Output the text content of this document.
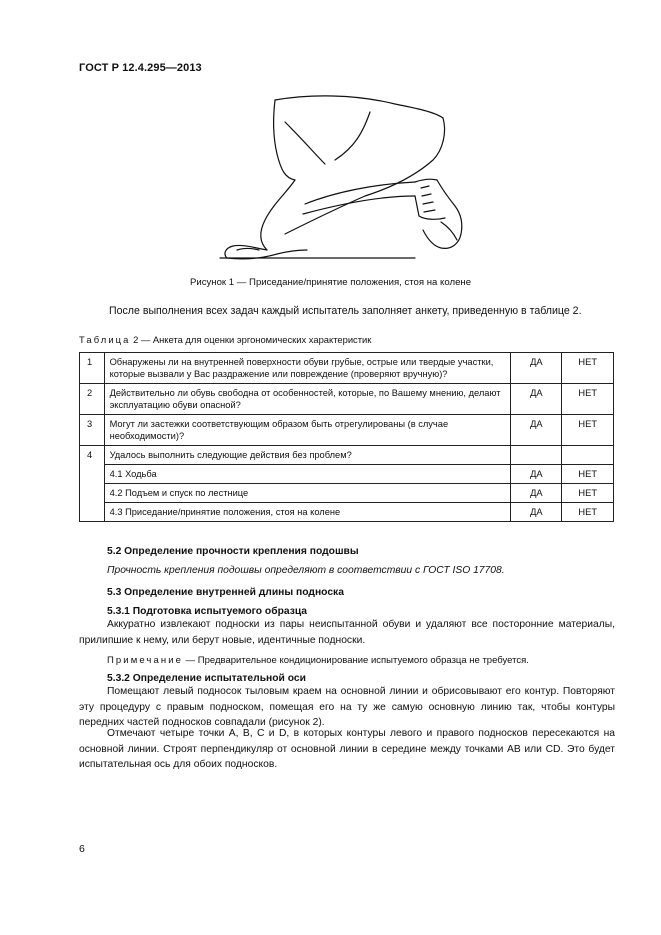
ГОСТ Р 12.4.295—2013
Рисунок 1 — Приседание/принятие положения, стоя на колене
После выполнения всех задач каждый испытатель заполняет анкету, приведенную в таблице 2.
Таблица 2 — Анкета для оценки эргономических характеристик
1	Обнаружены ли на внутренней поверхности обуви грубые, острые или твердые участки, которые вызвали у Вас раздражение или повреждение (проверяют вручную)?	ДА	НЕТ
2	Действительно ли обувь свободна от особенностей, которые, по Вашему мнению, делают эксплуатацию обуви опасной?	ДА	НЕТ
3	Могут ли застежки соответствующим образом быть отрегулированы (в случае необходимости)?	ДА	НЕТ
4	Удалось выполнить следующие действия без проблем?		
	4.1 Ходьба	ДА	НЕТ
	4.2 Подъем и спуск по лестнице	ДА	НЕТ
	4.3 Приседание/принятие положения, стоя на колене	ДА	НЕТ
5.2 Определение прочности крепления подошвы
Прочность крепления подошвы определяют в соответствии с ГОСТ ISO 17708.
5.3 Определение внутренней длины подноска
5.3.1 Подготовка испытуемого образца
Аккуратно извлекают подноски из пары неиспытанной обуви и удаляют все посторонние материалы, прилипшие к нему, или берут новые, идентичные подноски.
Примечание — Предварительное кондиционирование испытуемого образца не требуется.
5.3.2 Определение испытательной оси
Помещают левый подносок тыловым краем на основной линии и обрисовывают его контур. Повторяют эту процедуру с правым подноском, помещая его на ту же самую основную линию так, чтобы контуры передних частей подносков совпадали (рисунок 2).
Отмечают четыре точки А, В, С и D, в которых контуры левого и правого подносков пересекаются на основной линии. Строят перпендикуляр от основной линии в середине между точками АВ или CD. Это будет испытательная ось для обоих подносков.
6
